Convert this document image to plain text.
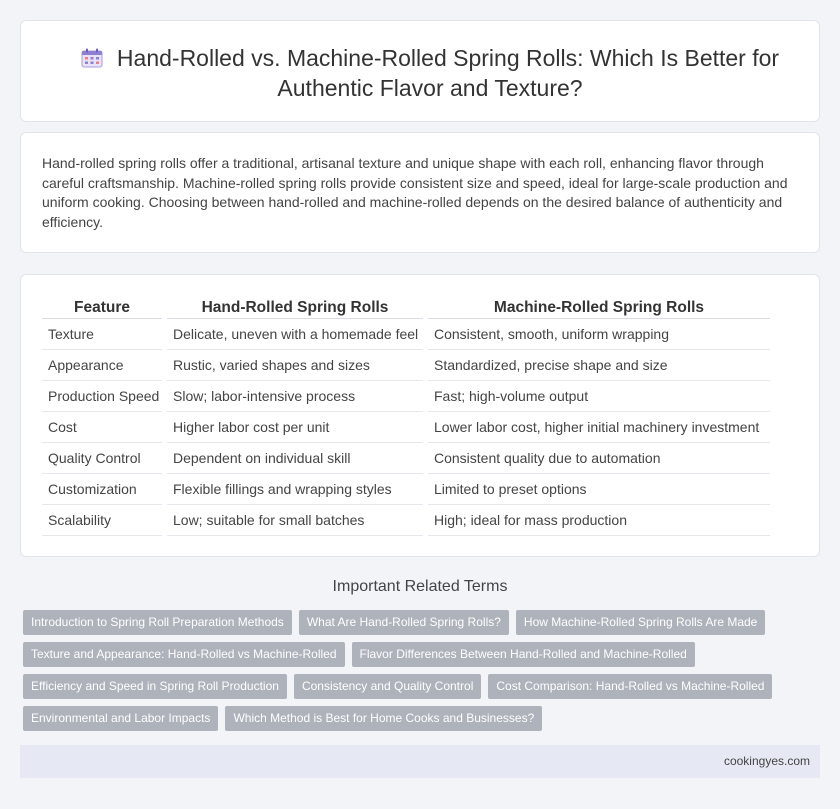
Hand-Rolled vs. Machine-Rolled Spring Rolls: Which Is Better for Authentic Flavor and Texture?

Hand-rolled spring rolls offer a traditional, artisanal texture and unique shape with each roll, enhancing flavor through careful craftsmanship. Machine-rolled spring rolls provide consistent size and speed, ideal for large-scale production and uniform cooking. Choosing between hand-rolled and machine-rolled depends on the desired balance of authenticity and efficiency.

Feature	Hand-Rolled Spring Rolls	Machine-Rolled Spring Rolls
Texture	Delicate, uneven with a homemade feel	Consistent, smooth, uniform wrapping
Appearance	Rustic, varied shapes and sizes	Standardized, precise shape and size
Production Speed	Slow; labor-intensive process	Fast; high-volume output
Cost	Higher labor cost per unit	Lower labor cost, higher initial machinery investment
Quality Control	Dependent on individual skill	Consistent quality due to automation
Customization	Flexible fillings and wrapping styles	Limited to preset options
Scalability	Low; suitable for small batches	High; ideal for mass production
Important Related Terms
Introduction to Spring Roll Preparation Methods What Are Hand-Rolled Spring Rolls? How Machine-Rolled Spring Rolls Are Made
Texture and Appearance: Hand-Rolled vs Machine-Rolled Flavor Differences Between Hand-Rolled and Machine-Rolled
Efficiency and Speed in Spring Roll Production Consistency and Quality Control Cost Comparison: Hand-Rolled vs Machine-Rolled
Environmental and Labor Impacts Which Method is Best for Home Cooks and Businesses?
cookingyes.com
